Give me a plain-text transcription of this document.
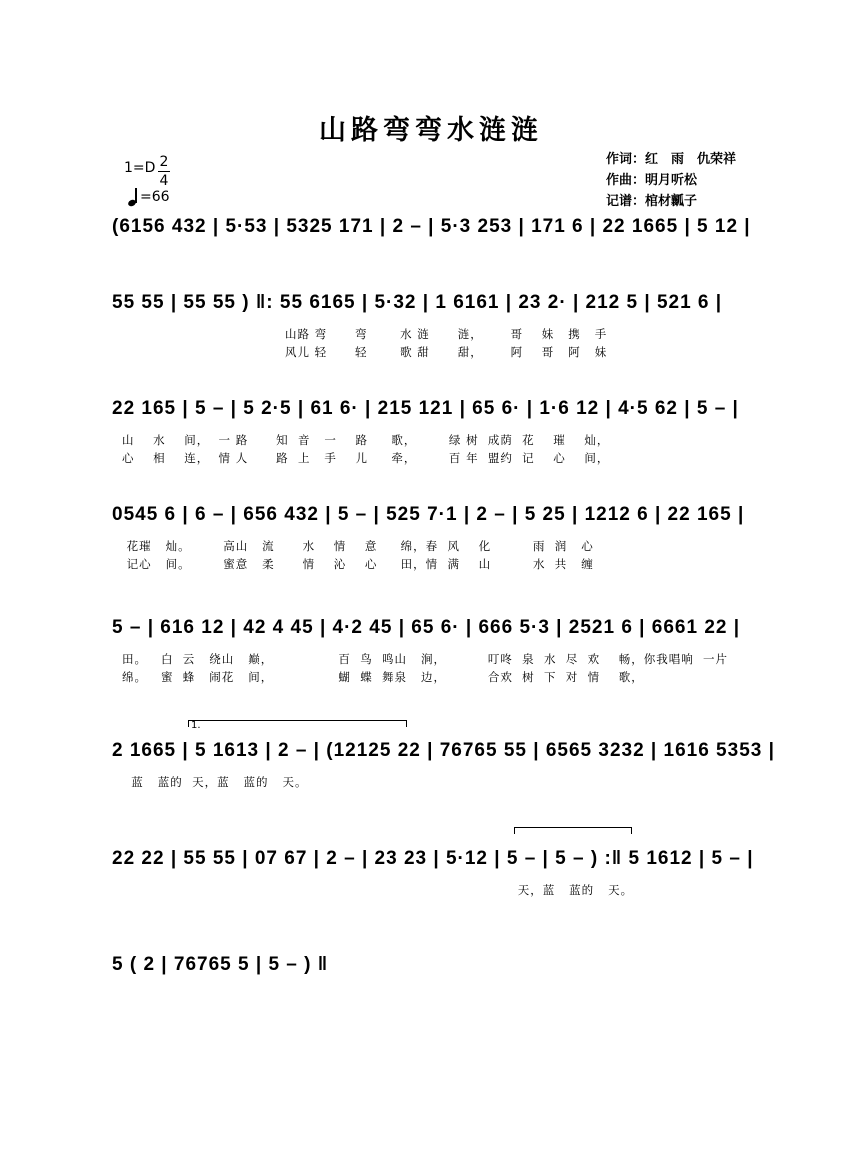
山路弯弯水涟涟
1=D 2
4
=66
作词：红　雨　仇荣祥
作曲：明月听松
记谱：棺材瓤子
(6156 432 | 5·53 | 5325 171 | 2 – | 5·3 253 | 171 6 | 22 1665 | 5 12 |
55 55 | 55 55 ) ‖: 55 6165 | 5·32 | 1 6161 | 23 2· | 212 5 | 521 6 |
山路 弯      弯       水 涟      涟，      哥    妹   携   手
风儿 轻      轻       歌 甜      甜，      阿    哥   阿   妹
22 165 | 5 – | 5 2·5 | 61 6· | 215 121 | 65 6· | 1·6 12 | 4·5 62 | 5 – |
山    水    间，  一 路      知  音   一    路     歌，       绿 树  成荫  花    璀    灿，
心    相    连，  情 人      路  上   手    儿     牵，       百 年  盟约  记    心    间，
0545 6 | 6 – | 656 432 | 5 – | 525 7·1 | 2 – | 5 25 | 1212 6 | 22 165 |
花璀   灿。       高山   流      水    情    意     绵，春  风    化         雨  润   心
记心   间。       蜜意   柔      情    沁    心     田，情  满    山         水  共   缠
5 – | 616 12 | 42 4 45 | 4·2 45 | 65 6· | 666 5·3 | 2521 6 | 6661 22 |
田。   白  云   绕山   巅，              百  鸟  鸣山   涧，         叮咚  泉  水  尽  欢    畅，你我唱响  一片
绵。   蜜  蜂   闹花   间，              蝴  蝶  舞泉   边，         合欢  树  下  对  情    歌，
1.
2 1665 | 5 1613 | 2 – | (12125 22 | 76765 55 | 6565 3232 | 1616 5353 |
蓝   蓝的  天，蓝   蓝的   天。
22 22 | 55 55 | 07 67 | 2 – | 23 23 | 5·12 | 5 – | 5 – ) :‖ 5 1612 | 5 – |
天，蓝   蓝的   天。
5 ( 2 | 76765 5 | 5 – ) ‖
